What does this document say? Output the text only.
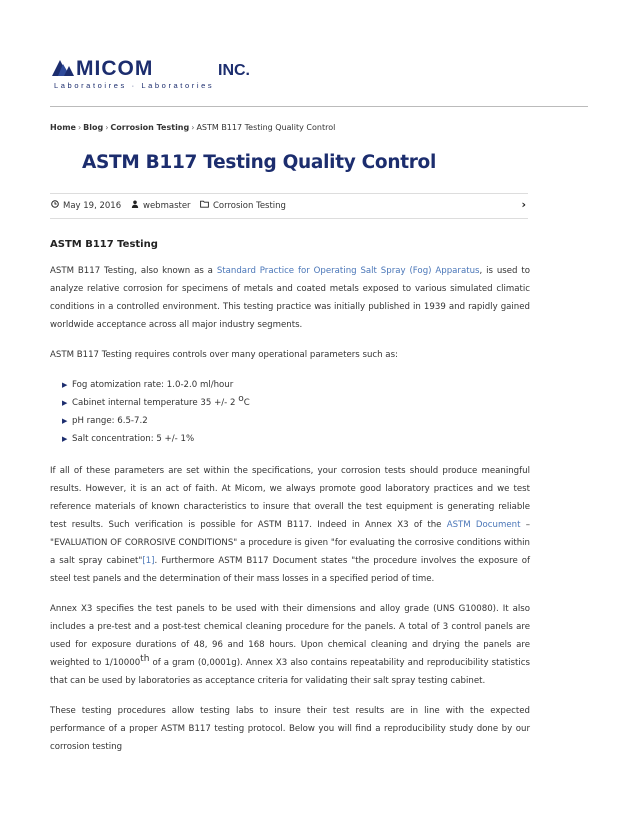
MICOM	INC.
Laboratoires · Laboratories
Home › Blog › Corrosion Testing › ASTM B117 Testing Quality Control
ASTM B117 Testing Quality Control
May 19, 2016	webmaster	Corrosion Testing	›
ASTM B117 Testing

ASTM B117 Testing, also known as a Standard Practice for Operating Salt Spray (Fog) Apparatus, is used to analyze relative corrosion for specimens of metals and coated metals exposed to various simulated climatic conditions in a controlled environment. This testing practice was initially published in 1939 and rapidly gained worldwide acceptance across all major industry segments.

ASTM B117 Testing requires controls over many operational parameters such as:

▶ Fog atomization rate: 1.0-2.0 ml/hour
▶ Cabinet internal temperature 35 +/- 2 $^o$C
▶ pH range: 6.5-7.2
▶ Salt concentration: 5 +/- 1%

If all of these parameters are set within the specifications, your corrosion tests should produce meaningful results. However, it is an act of faith. At Micom, we always promote good laboratory practices and we test reference materials of known characteristics to insure that overall the test equipment is generating reliable test results. Such verification is possible for ASTM B117. Indeed in Annex X3 of the ASTM Document – "EVALUATION OF CORROSIVE CONDITIONS" a procedure is given "for evaluating the corrosive conditions within a salt spray cabinet"[1]. Furthermore ASTM B117 Document states "the procedure involves the exposure of steel test panels and the determination of their mass losses in a specified period of time.

Annex X3 specifies the test panels to be used with their dimensions and alloy grade (UNS G10080). It also includes a pre-test and a post-test chemical cleaning procedure for the panels. A total of 3 control panels are used for exposure durations of 48, 96 and 168 hours. Upon chemical cleaning and drying the panels are weighted to 1/10000th of a gram (0,0001g). Annex X3 also contains repeatability and reproducibility statistics that can be used by laboratories as acceptance criteria for validating their salt spray testing cabinet.

These testing procedures allow testing labs to insure their test results are in line with the expected performance of a proper ASTM B117 testing protocol. Below you will find a reproducibility study done by our corrosion testing
